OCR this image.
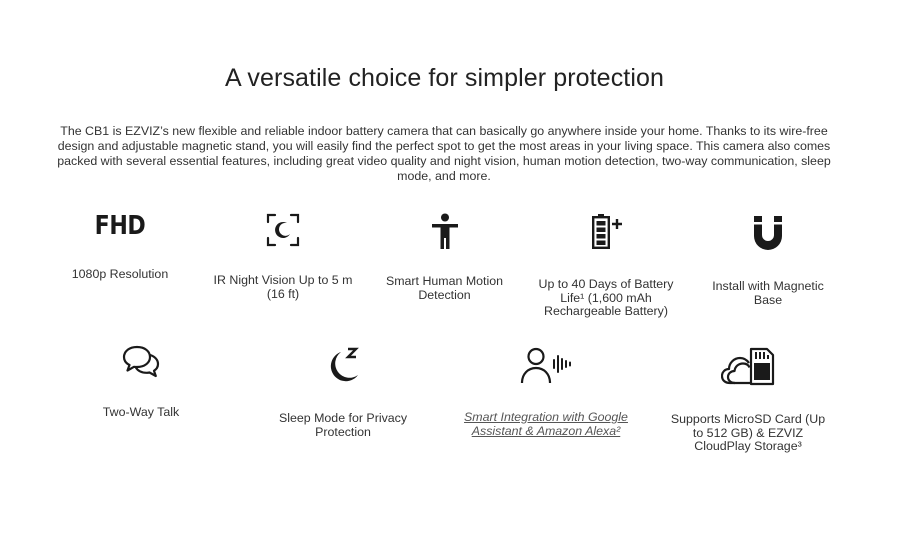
A versatile choice for simpler protection

The CB1 is EZVIZ’s new flexible and reliable indoor battery camera that can basically go anywhere inside your home. Thanks to its wire-free design and adjustable magnetic stand, you will easily find the perfect spot to get the most areas in your living space. This camera also comes packed with several essential features, including great video quality and night vision, human motion detection, two-way communication, sleep mode, and more.

FHD
1080p Resolution	IR Night Vision Up to 5 m (16 ft)
Smart Human Motion Detection
Up to 40 Days of Battery Life¹ (1,600 mAh Rechargeable Battery)
Install with Magnetic Base
Two-Way Talk	Sleep Mode for Privacy Protection
Smart Integration with Google Assistant & Amazon Alexa²
Supports MicroSD Card (Up to 512 GB) & EZVIZ CloudPlay Storage³
